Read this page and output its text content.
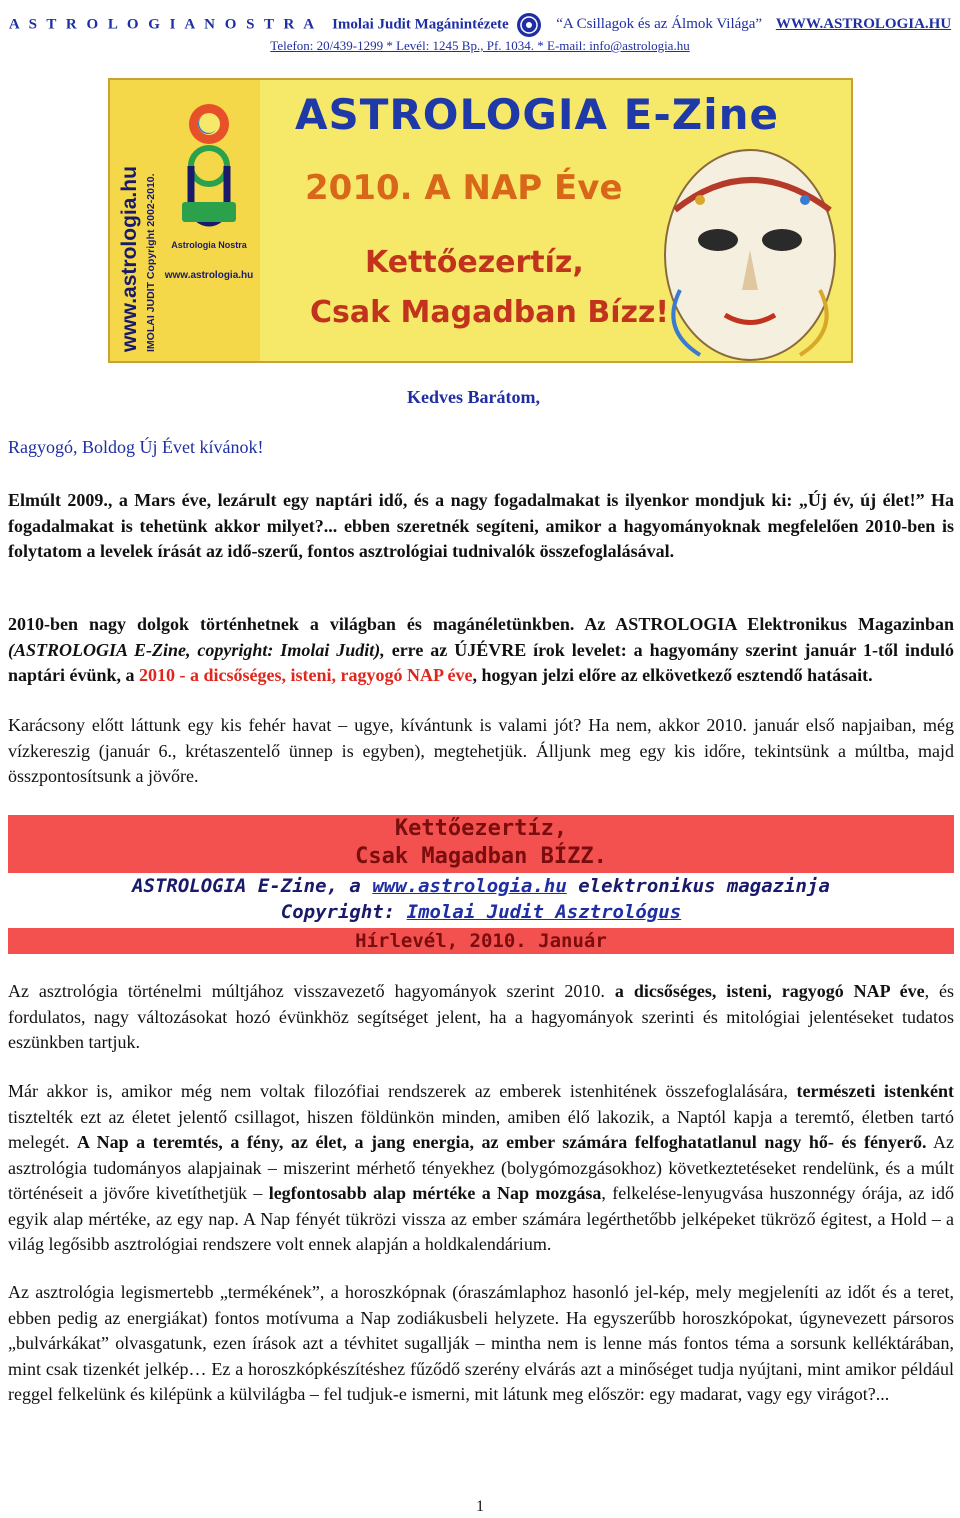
A S T R O L O G I A N O S T R A Imolai Judit Magánintézete	“A Csillagok és az Álmok Világa” WWW.ASTROLOGIA.HU
Telefon: 20/439-1299 * Levél: 1245 Bp., Pf. 1034. * E-mail: info@astrologia.hu
www.astrologia.hu IMOLAI JUDIT Copyright 2002-2010.	Astrologia Nostra
www.astrologia.hu
ASTROLOGIA E-Zine
2010. A NAP Éve
Kettőezertíz,
Csak Magadban Bízz!
Kedves Barátom,
Ragyogó, Boldog Új Évet kívánok!
Elmúlt 2009., a Mars éve, lezárult egy naptári idő, és a nagy fogadalmakat is ilyenkor mondjuk ki: „Új év, új élet!” Ha fogadalmakat is tehetünk akkor milyet?... ebben szeretnék segíteni, amikor a hagyományoknak megfelelően 2010-ben is folytatom a levelek írását az idő-szerű, fontos asztrológiai tudnivalók összefoglalásával.
2010-ben nagy dolgok történhetnek a világban és magánéletünkben. Az ASTROLOGIA Elektronikus Magazinban (ASTROLOGIA E-Zine, copyright: Imolai Judit), erre az ÚJÉVRE írok levelet: a hagyomány szerint január 1-től induló naptári évünk, a 2010 - a dicsőséges, isteni, ragyogó NAP éve, hogyan jelzi előre az elkövetkező esztendő hatásait.
Karácsony előtt láttunk egy kis fehér havat – ugye, kívántunk is valami jót? Ha nem, akkor 2010. január első napjaiban, még vízkereszig (január 6., krétaszentelő ünnep is egyben), megtehetjük. Álljunk meg egy kis időre, tekintsünk a múltba, majd összpontosítsunk a jövőre.
Kettőezertíz,
Csak Magadban BÍZZ.
ASTROLOGIA E-Zine, a www.astrologia.hu elektronikus magazinja
Copyright: Imolai Judit Asztrológus
Hírlevél, 2010. Január
Az asztrológia történelmi múltjához visszavezető hagyományok szerint 2010. a dicsőséges, isteni, ragyogó NAP éve, és fordulatos, nagy változásokat hozó évünkhöz segítséget jelent, ha a hagyományok szerinti és mitológiai jelentéseket tudatos eszünkben tartjuk.
Már akkor is, amikor még nem voltak filozófiai rendszerek az emberek istenhitének összefoglalására, természeti istenként tisztelték ezt az életet jelentő csillagot, hiszen földünkön minden, amiben élő lakozik, a Naptól kapja a teremtő, életben tartó melegét. A Nap a teremtés, a fény, az élet, a jang energia, az ember számára felfoghatatlanul nagy hő- és fényerő. Az asztrológia tudományos alapjainak – miszerint mérhető tényekhez (bolygómozgásokhoz) következtetéseket rendelünk, és a múlt történéseit a jövőre kivetíthetjük – legfontosabb alap mértéke a Nap mozgása, felkelése-lenyugvása huszonnégy órája, az idő egyik alap mértéke, az egy nap. A Nap fényét tükrözi vissza az ember számára legérthetőbb jelképeket tükröző égitest, a Hold – a világ legősibb asztrológiai rendszere volt ennek alapján a holdkalendárium.
Az asztrológia legismertebb „termékének”, a horoszkópnak (óraszámlaphoz hasonló jel-kép, mely megjeleníti az időt és a teret, ebben pedig az energiákat) fontos motívuma a Nap zodiákusbeli helyzete. Ha egyszerűbb horoszkópokat, úgynevezett pársoros „bulvárkákat” olvasgatunk, ezen írások azt a tévhitet sugallják – mintha nem is lenne más fontos téma a sorsunk kelléktárában, mint csak tizenkét jelkép… Ez a horoszkópkészítéshez fűződő szerény elvárás azt a minőséget tudja nyújtani, mint amikor például reggel felkelünk és kilépünk a külvilágba – fel tudjuk-e ismerni, mit látunk meg először: egy madarat, vagy egy virágot?...
1
